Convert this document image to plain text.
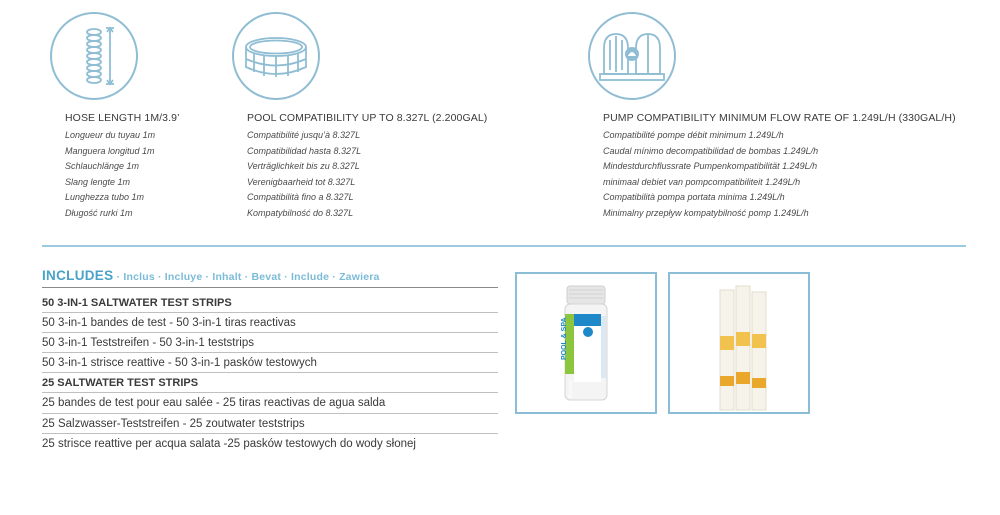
HOSE LENGTH 1M/3.9’
Longueur du tuyau 1m
Manguera longitud 1m
Schlauchlänge 1m
Slang lengte 1m
Lunghezza tubo 1m
Długość rurki 1m
POOL COMPATIBILITY UP TO 8.327L (2.200GAL)
Compatibilité jusqu’à 8.327L
Compatibilidad hasta 8.327L
Verträglichkeit bis zu 8.327L
Verenigbaarheid tot 8.327L
Compatibilità fino a 8.327L
Kompatybilność do 8.327L
PUMP COMPATIBILITY MINIMUM FLOW RATE OF 1.249L/H (330GAL/H)
Compatibilité pompe débit minimum 1.249L/h
Caudal mínimo decompatibilidad de bombas 1.249L/h
Mindestdurchflussrate Pumpenkompatibilität 1.249L/h
minimaal debiet van pompcompatibiliteit 1.249L/h
Compatibilità pompa portata minima 1.249L/h
Minimalny przepływ kompatybilność pomp 1.249L/h
INCLUDES · Inclus · Incluye · Inhalt · Bevat · Include · Zawiera
50 3-IN-1 SALTWATER TEST STRIPS
50 3-in-1 bandes de test - 50 3-in-1 tiras reactivas
50 3-in-1 Teststreifen - 50 3-in-1 teststrips
50 3-in-1 strisce reattive - 50 3-in-1 pasków testowych
25 SALTWATER TEST STRIPS
25 bandes de test pour eau salée - 25 tiras reactivas de agua salda
25 Salzwasser-Teststreifen - 25 zoutwater teststrips
25 strisce reattive per acqua salata -25 pasków testowych do wody słonej
POOL & SPA
Bestway
